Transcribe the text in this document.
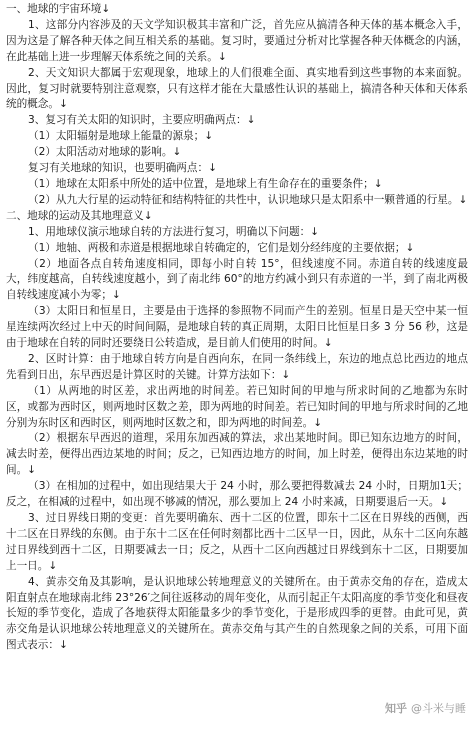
一、地球的宇宙环境↓

1、这部分内容涉及的天文学知识极其丰富和广泛，首先应从搞清各种天体的基本概念入手，因为这是了解各种天体之间互相关系的基础。复习时，要通过分析对比掌握各种天体概念的内涵，在此基础上进一步理解天体系统之间的关系。↓

2、天文知识大都属于宏观现象，地球上的人们很难全面、真实地看到这些事物的本来面貌。因此，复习时就要特别注意观察，只有这样才能在大量感性认识的基础上，搞清各种天体和天体系统的概念。↓

3、复习有关太阳的知识时，主要应明确两点：↓

（1）太阳辐射是地球上能量的源泉；↓

（2）太阳活动对地球的影响。↓

复习有关地球的知识，也要明确两点：↓

（1）地球在太阳系中所处的适中位置，是地球上有生命存在的重要条件；↓

（2）从九大行星的运动特征和结构特征的共性中，认识地球只是太阳系中一颗普通的行星。↓

二、地球的运动及其地理意义↓

1、用地球仪演示地球自转的方法进行复习，明确以下问题：↓

（1）地轴、两极和赤道是根据地球自转确定的，它们是划分经纬度的主要依据；↓

（2）地面各点自转角速度相同，即每小时自转 15°，但线速度不同。赤道自转的线速度最大，纬度越高，自转线速度越小，到了南北纬 60°的地方约减小到只有赤道的一半，到了南北两极自转线速度减小为零；↓

（3）太阳日和恒星日，主要是由于选择的参照物不同而产生的差别。恒星日是天空中某一恒星连续两次经过上中天的时间间隔，是地球自转的真正周期，太阳日比恒星日多 3 分 56 秒，这是由于地球在自转的同时还要绕日公转造成，是目前人们使用的时间。↓

2、区时计算：由于地球自转方向是自西向东，在同一条纬线上，东边的地点总比西边的地点先看到日出，东早西迟是计算区时的关键。计算方法如下：↓

（1）从两地的时区差，求出两地的时间差。若已知时间的甲地与所求时间的乙地都为东时区，或都为西时区，则两地时区数之差，即为两地的时间差。若已知时间的甲地与所求时间的乙地分别为东时区和西时区，则两地时区数之和，即为两地的时间差。↓

（2）根据东早西迟的道理，采用东加西减的算法，求出某地时间。即已知东边地方的时间，减去时差，便得出西边某地的时间；反之，已知西边地方的时间，加上时差，便得出东边某地的时间。↓

（3）在相加的过程中，如出现结果大于 24 小时，那么要把得数减去 24 小时，日期加1天；反之，在相减的过程中，如出现不够减的情况，那么要加上 24 小时来减，日期要退后一天。↓

3、过日界线日期的变更：首先要明确东、西十二区的位置，即东十二区在日界线的西侧，西十二区在日界线的东侧。由于东十二区在任何时刻都比西十二区早一日，因此，从东十二区向东越过日界线到西十二区，日期要减去一日；反之，从西十二区向西越过日界线到东十二区，日期要加上一日。↓

4、黄赤交角及其影响，是认识地球公转地理意义的关键所在。由于黄赤交角的存在，造成太阳直射点在地球南北纬 23°26′之间往返移动的周年变化，从而引起正午太阳高度的季节变化和昼夜长短的季节变化，造成了各地获得太阳能量多少的季节变化，于是形成四季的更替。由此可见，黄赤交角是认识地球公转地理意义的关键所在。黄赤交角与其产生的自然现象之间的关系，可用下面图式表示：↓

知乎 @斗米与睡
